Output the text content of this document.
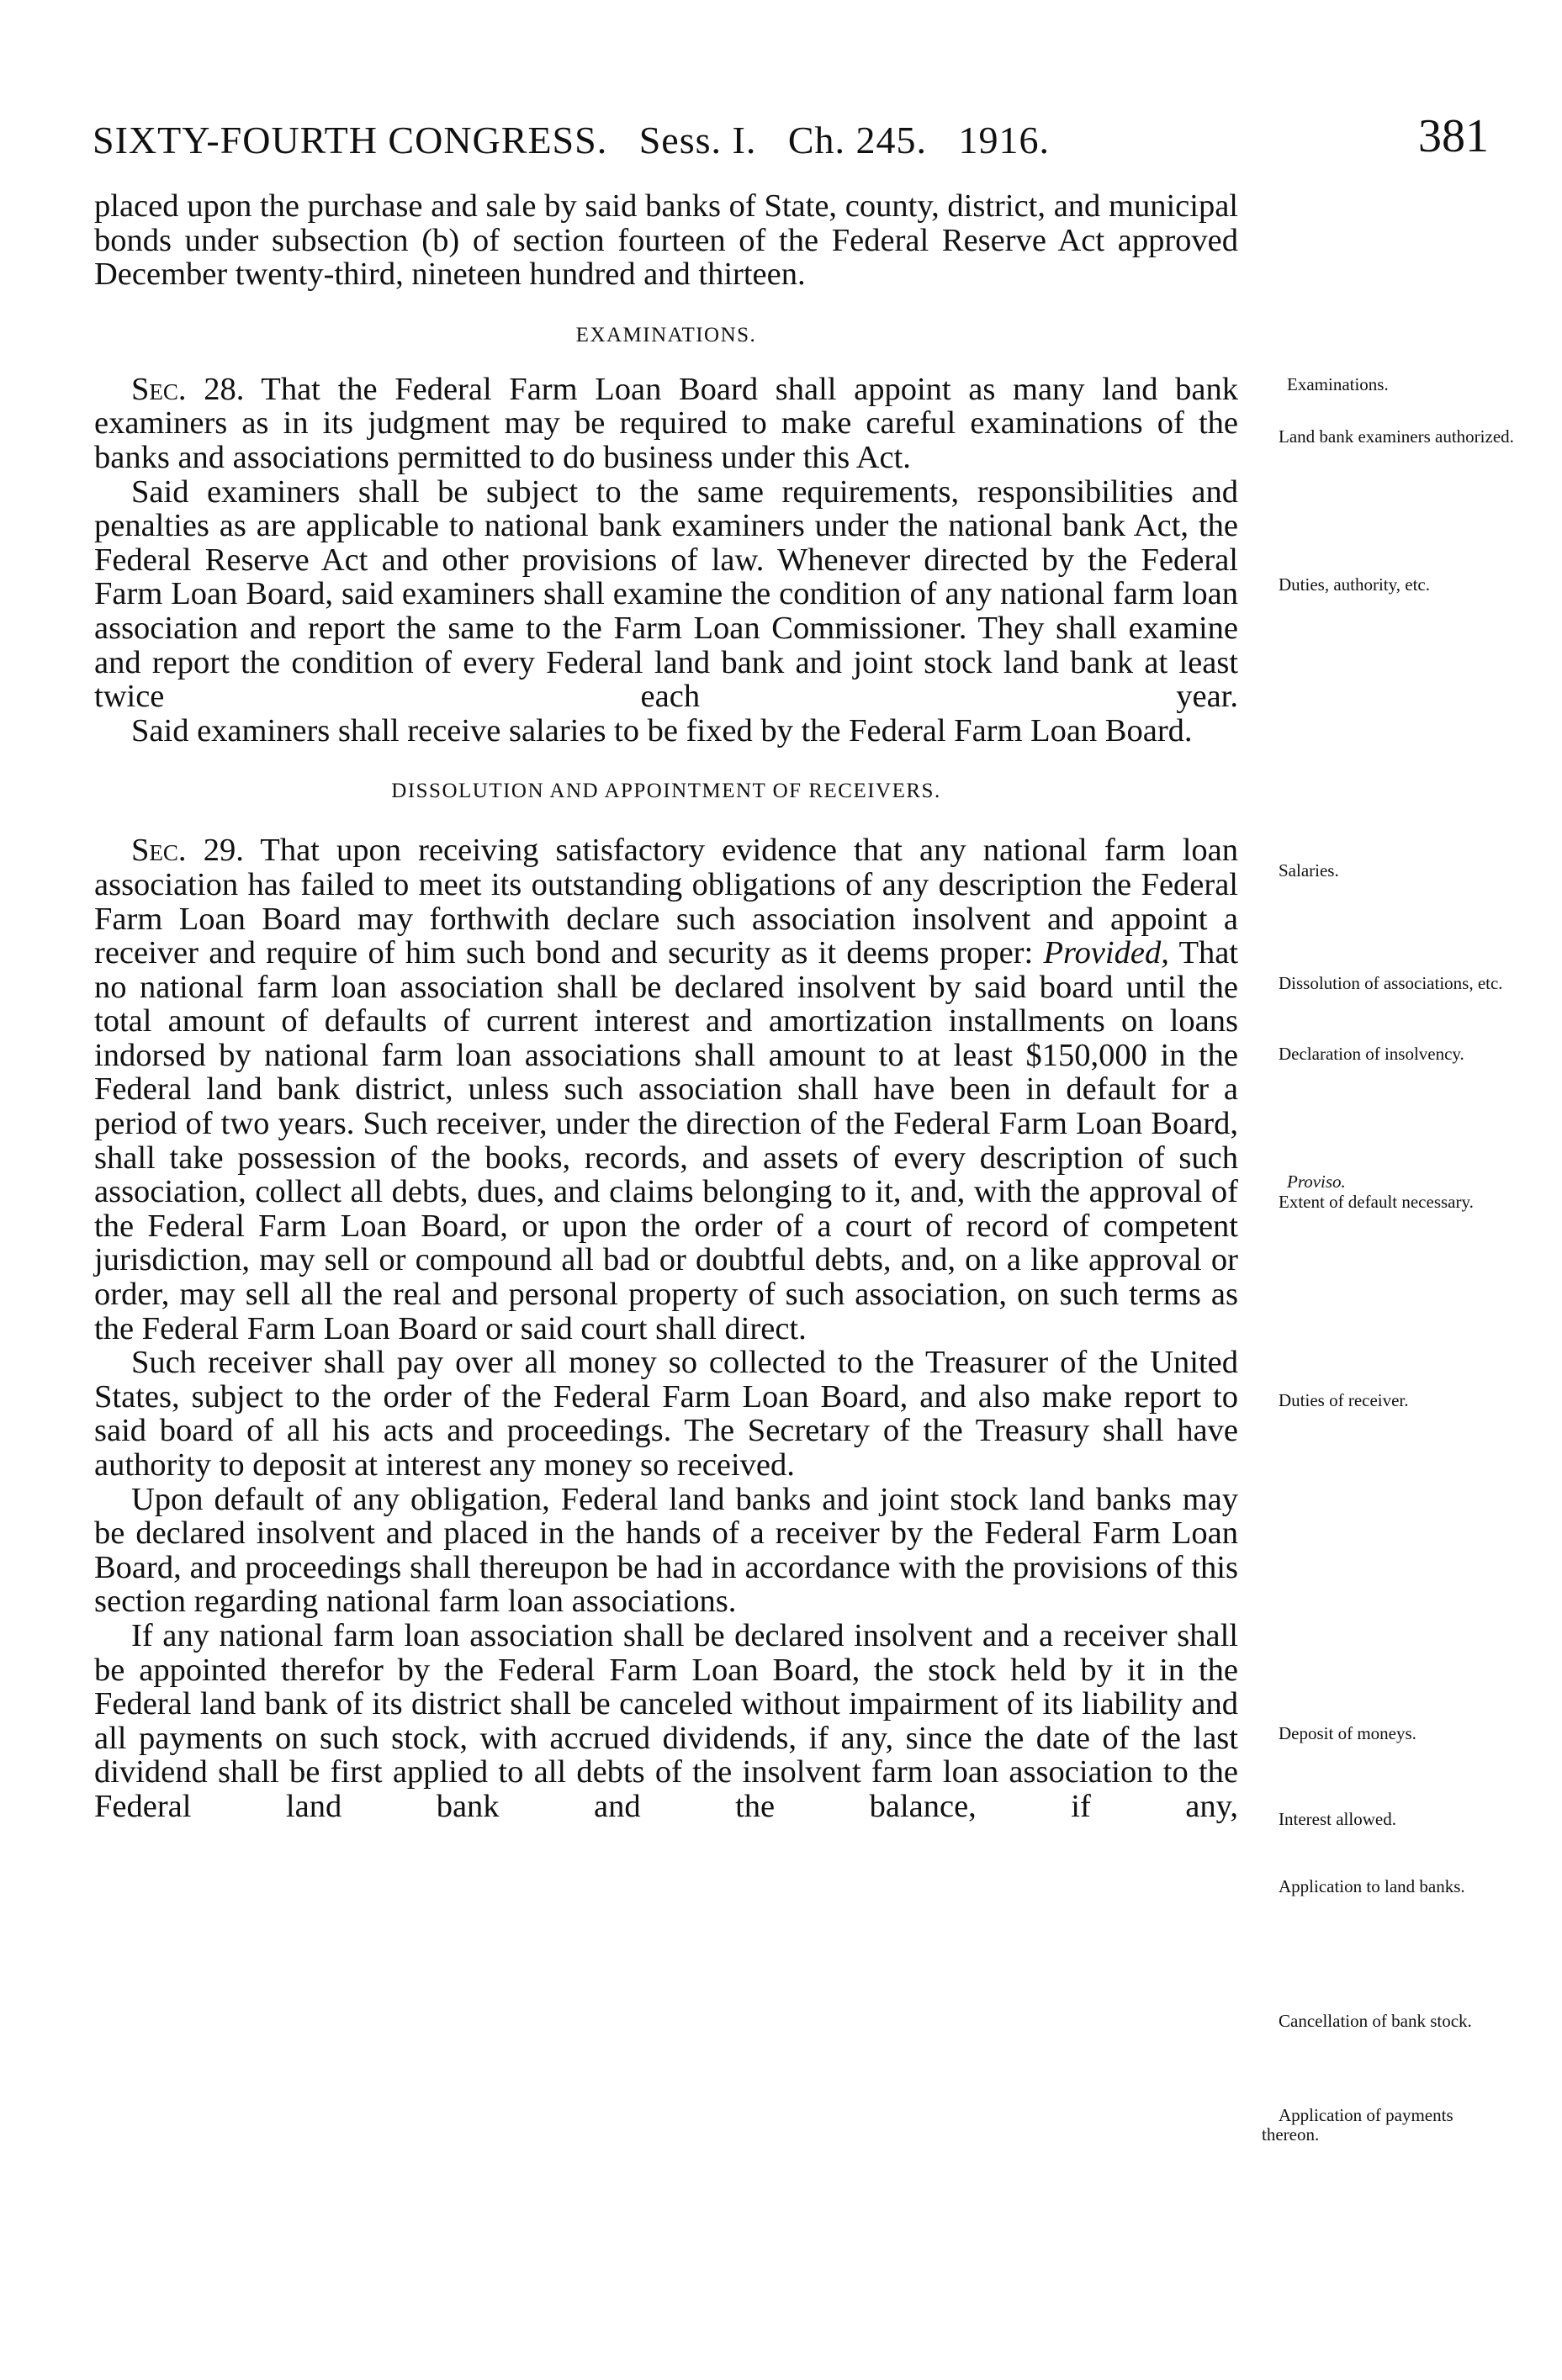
SIXTY-FOURTH CONGRESS.   Sess. I.   Ch. 245.   1916.	381

placed upon the purchase and sale by said banks of State, county, district, and municipal bonds under subsection (b) of section fourteen of the Federal Reserve Act approved December twenty-third, nineteen hundred and thirteen.

EXAMINATIONS.

Sec. 28. That the Federal Farm Loan Board shall appoint as many land bank examiners as in its judgment may be required to make careful examinations of the banks and associations permitted to do business under this Act.

Said examiners shall be subject to the same requirements, responsibilities and penalties as are applicable to national bank examiners under the national bank Act, the Federal Reserve Act and other provisions of law. Whenever directed by the Federal Farm Loan Board, said examiners shall examine the condition of any national farm loan association and report the same to the Farm Loan Commissioner. They shall examine and report the condition of every Federal land bank and joint stock land bank at least twice each year.

Said examiners shall receive salaries to be fixed by the Federal Farm Loan Board.

DISSOLUTION AND APPOINTMENT OF RECEIVERS.

Sec. 29. That upon receiving satisfactory evidence that any national farm loan association has failed to meet its outstanding obligations of any description the Federal Farm Loan Board may forthwith declare such association insolvent and appoint a receiver and require of him such bond and security as it deems proper: Provided, That no national farm loan association shall be declared insolvent by said board until the total amount of defaults of current interest and amortization installments on loans indorsed by national farm loan associations shall amount to at least $150,000 in the Federal land bank district, unless such association shall have been in default for a period of two years. Such receiver, under the direction of the Federal Farm Loan Board, shall take possession of the books, records, and assets of every description of such association, collect all debts, dues, and claims belonging to it, and, with the approval of the Federal Farm Loan Board, or upon the order of a court of record of competent jurisdiction, may sell or compound all bad or doubtful debts, and, on a like approval or order, may sell all the real and personal property of such association, on such terms as the Federal Farm Loan Board or said court shall direct.

Such receiver shall pay over all money so collected to the Treasurer of the United States, subject to the order of the Federal Farm Loan Board, and also make report to said board of all his acts and proceedings. The Secretary of the Treasury shall have authority to deposit at interest any money so received.

Upon default of any obligation, Federal land banks and joint stock land banks may be declared insolvent and placed in the hands of a receiver by the Federal Farm Loan Board, and proceedings shall thereupon be had in accordance with the provisions of this section regarding national farm loan associations.

If any national farm loan association shall be declared insolvent and a receiver shall be appointed therefor by the Federal Farm Loan Board, the stock held by it in the Federal land bank of its district shall be canceled without impairment of its liability and all payments on such stock, with accrued dividends, if any, since the date of the last dividend shall be first applied to all debts of the insolvent farm loan association to the Federal land bank and the balance, if any,

Examinations.

Land bank examiners authorized.

Duties, authority, etc.

Salaries.

Dissolution of associations, etc.

Declaration of insolvency.

Proviso.

Extent of default necessary.

Duties of receiver.

Deposit of moneys.

Interest allowed.

Application to land banks.

Cancellation of bank stock.

Application of payments thereon.
